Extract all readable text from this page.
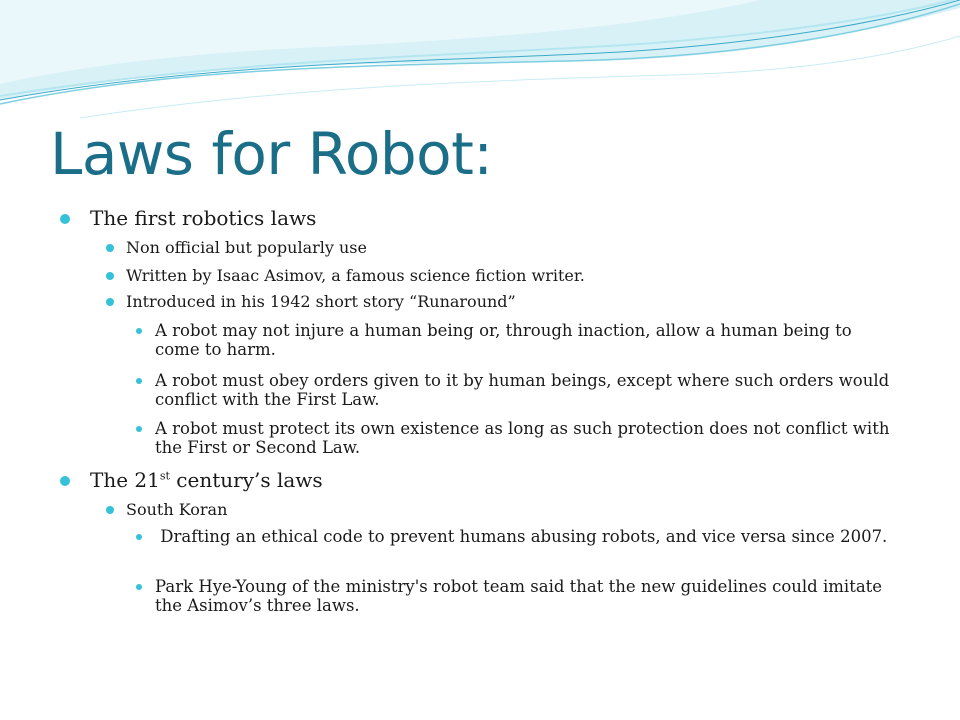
Laws for Robot:
The first robotics laws
Non official but popularly use
Written by Isaac Asimov, a famous science fiction writer.
Introduced in his 1942 short story “Runaround”
A robot may not injure a human being or, through inaction, allow a human being to come to harm.
A robot must obey orders given to it by human beings, except where such orders would conflict with the First Law.
A robot must protect its own existence as long as such protection does not conflict with the First or Second Law.
The 21st century’s laws
South Koran
Drafting an ethical code to prevent humans abusing robots, and vice versa since 2007.
Park Hye-Young of the ministry's robot team said that the new guidelines could imitate the Asimov’s three laws.
